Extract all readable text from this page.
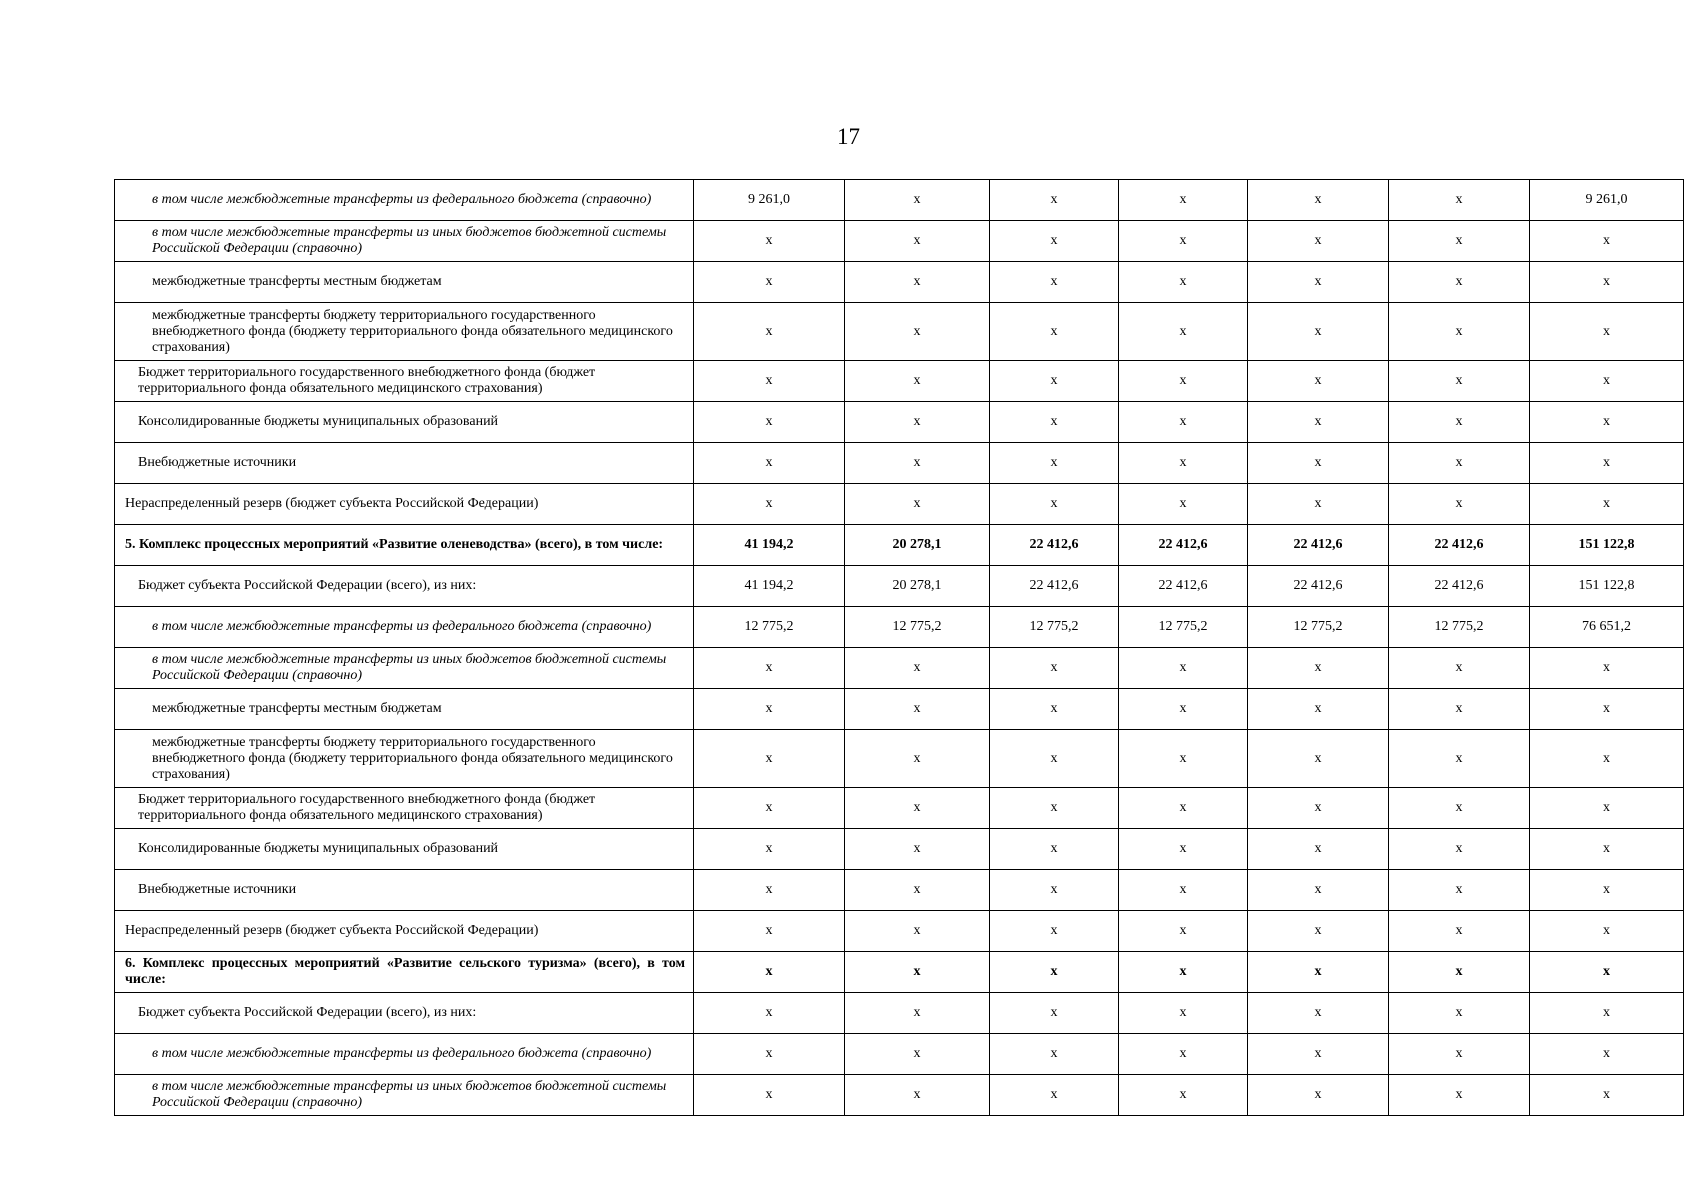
17
в том числе межбюджетные трансферты из федерального бюджета (справочно)	9 261,0	x	x	x	x	x	9 261,0
в том числе межбюджетные трансферты из иных бюджетов бюджетной системы Российской Федерации (справочно)	x	x	x	x	x	x	x
межбюджетные трансферты местным бюджетам	x	x	x	x	x	x	x
межбюджетные трансферты бюджету территориального государственного внебюджетного фонда (бюджету территориального фонда обязательного медицинского страхования)	x	x	x	x	x	x	x
Бюджет территориального государственного внебюджетного фонда (бюджет территориального фонда обязательного медицинского страхования)	x	x	x	x	x	x	x
Консолидированные бюджеты муниципальных образований	x	x	x	x	x	x	x
Внебюджетные источники	x	x	x	x	x	x	x
Нераспределенный резерв (бюджет субъекта Российской Федерации)	x	x	x	x	x	x	x
5. Комплекс процессных мероприятий «Развитие оленеводства» (всего), в том числе:	41 194,2	20 278,1	22 412,6	22 412,6	22 412,6	22 412,6	151 122,8
Бюджет субъекта Российской Федерации (всего), из них:	41 194,2	20 278,1	22 412,6	22 412,6	22 412,6	22 412,6	151 122,8
в том числе межбюджетные трансферты из федерального бюджета (справочно)	12 775,2	12 775,2	12 775,2	12 775,2	12 775,2	12 775,2	76 651,2
в том числе межбюджетные трансферты из иных бюджетов бюджетной системы Российской Федерации (справочно)	x	x	x	x	x	x	x
межбюджетные трансферты местным бюджетам	x	x	x	x	x	x	x
межбюджетные трансферты бюджету территориального государственного внебюджетного фонда (бюджету территориального фонда обязательного медицинского страхования)	x	x	x	x	x	x	x
Бюджет территориального государственного внебюджетного фонда (бюджет территориального фонда обязательного медицинского страхования)	x	x	x	x	x	x	x
Консолидированные бюджеты муниципальных образований	x	x	x	x	x	x	x
Внебюджетные источники	x	x	x	x	x	x	x
Нераспределенный резерв (бюджет субъекта Российской Федерации)	x	x	x	x	x	x	x
6. Комплекс процессных мероприятий «Развитие сельского туризма» (всего), в том числе:	x	x	x	x	x	x	x
Бюджет субъекта Российской Федерации (всего), из них:	x	x	x	x	x	x	x
в том числе межбюджетные трансферты из федерального бюджета (справочно)	x	x	x	x	x	x	x
в том числе межбюджетные трансферты из иных бюджетов бюджетной системы Российской Федерации (справочно)	x	x	x	x	x	x	x
